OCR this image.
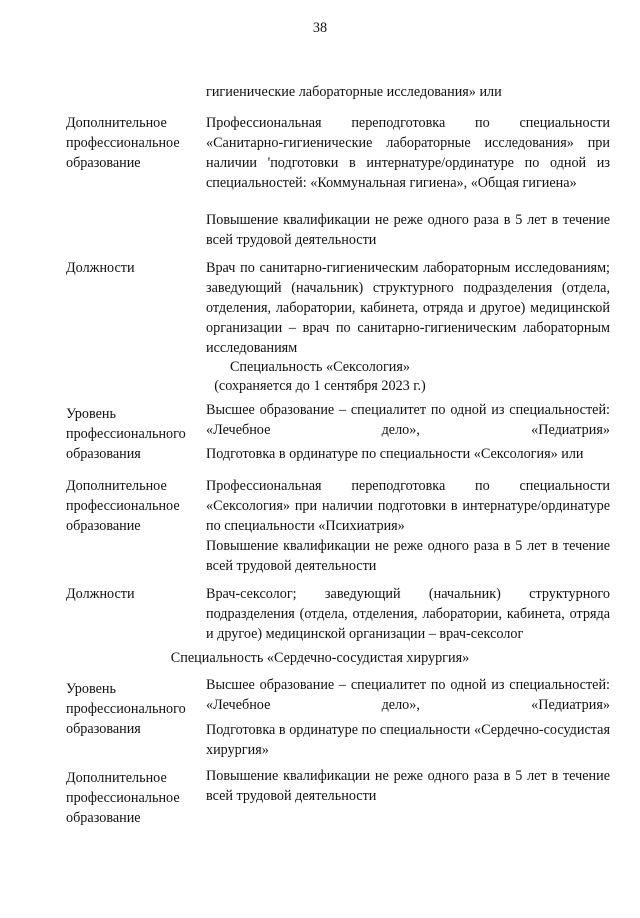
38
гигиенические лабораторные исследования» или
Дополнительное профессиональное образование
Профессиональная переподготовка по специальности «Санитарно-гигиенические лабораторные исследования» при наличии 'подготовки в интернатуре/ординатуре по одной из специальностей: «Коммунальная гигиена», «Общая гигиена»
Повышение квалификации не реже одного раза в 5 лет в течение всей трудовой деятельности
Должности	Врач по санитарно-гигиеническим лабораторным исследованиям; заведующий (начальник) структурного подразделения (отдела, отделения, лаборатории, кабинета, отряда и другое) медицинской организации – врач по санитарно-гигиеническим лабораторным исследованиям
Специальность «Сексология»
(сохраняется до 1 сентября 2023 г.)
Уровень профессионального образования
Высшее образование – специалитет по одной из специальностей: «Лечебное дело», «Педиатрия»
Подготовка в ординатуре по специальности «Сексология» или
Дополнительное профессиональное образование
Профессиональная переподготовка по специальности «Сексология» при наличии подготовки в интернатуре/ординатуре по специальности «Психиатрия»
Повышение квалификации не реже одного раза в 5 лет в течение всей трудовой деятельности
Должности	Врач-сексолог; заведующий (начальник) структурного подразделения (отдела, отделения, лаборатории, кабинета, отряда и другое) медицинской организации – врач-сексолог
Специальность «Сердечно-сосудистая хирургия»
Уровень профессионального образования
Высшее образование – специалитет по одной из специальностей: «Лечебное дело», «Педиатрия»
Подготовка в ординатуре по специальности «Сердечно-сосудистая хирургия»
Дополнительное профессиональное образование
Повышение квалификации не реже одного раза в 5 лет в течение всей трудовой деятельности
